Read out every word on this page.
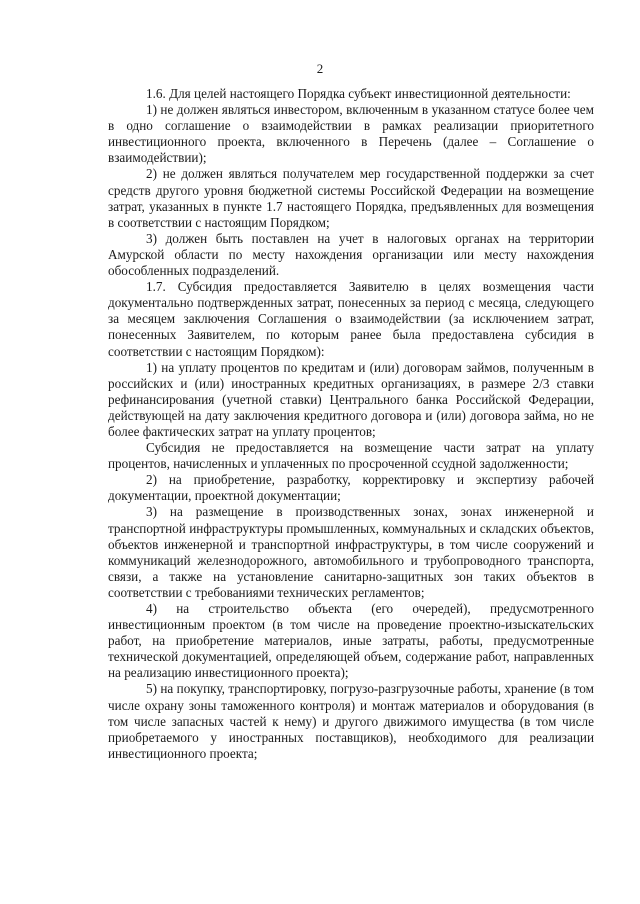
2

1.6. Для целей настоящего Порядка субъект инвестиционной деятельности:

1) не должен являться инвестором, включенным в указанном статусе более чем в одно соглашение о взаимодействии в рамках реализации приоритетного инвестиционного проекта, включенного в Перечень (далее – Соглашение о взаимодействии);

2) не должен являться получателем мер государственной поддержки за счет средств другого уровня бюджетной системы Российской Федерации на возмещение затрат, указанных в пункте 1.7 настоящего Порядка, предъявленных для возмещения в соответствии с настоящим Порядком;

3) должен быть поставлен на учет в налоговых органах на территории Амурской области по месту нахождения организации или месту нахождения обособленных подразделений.

1.7. Субсидия предоставляется Заявителю в целях возмещения части документально подтвержденных затрат, понесенных за период с месяца, следующего за месяцем заключения Соглашения о взаимодействии (за исключением затрат, понесенных Заявителем, по которым ранее была предоставлена субсидия в соответствии с настоящим Порядком):

1) на уплату процентов по кредитам и (или) договорам займов, полученным в российских и (или) иностранных кредитных организациях, в размере 2/3 ставки рефинансирования (учетной ставки) Центрального банка Российской Федерации, действующей на дату заключения кредитного договора и (или) договора займа, но не более фактических затрат на уплату процентов;

Субсидия не предоставляется на возмещение части затрат на уплату процентов, начисленных и уплаченных по просроченной ссудной задолженности;

2) на приобретение, разработку, корректировку и экспертизу рабочей документации, проектной документации;

3) на размещение в производственных зонах, зонах инженерной и транспортной инфраструктуры промышленных, коммунальных и складских объектов, объектов инженерной и транспортной инфраструктуры, в том числе сооружений и коммуникаций железнодорожного, автомобильного и трубопроводного транспорта, связи, а также на установление санитарно-защитных зон таких объектов в соответствии с требованиями технических регламентов;

4) на строительство объекта (его очередей), предусмотренного инвестиционным проектом (в том числе на проведение проектно-изыскательских работ, на приобретение материалов, иные затраты, работы, предусмотренные технической документацией, определяющей объем, содержание работ, направленных на реализацию инвестиционного проекта);

5) на покупку, транспортировку, погрузо-разгрузочные работы, хранение (в том числе охрану зоны таможенного контроля) и монтаж материалов и оборудования (в том числе запасных частей к нему) и другого движимого имущества (в том числе приобретаемого у иностранных поставщиков), необходимого для реализации инвестиционного проекта;
